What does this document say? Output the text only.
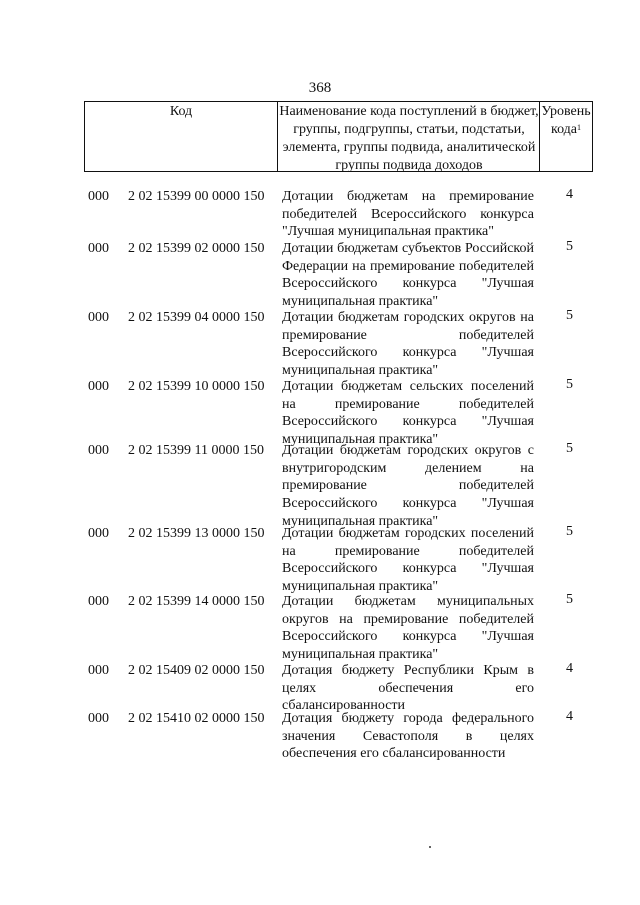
368
Код	Наименование кода поступлений в бюджет, группы, подгруппы, статьи, подстатьи, элемента, группы подвида, аналитической группы подвида доходов
Уровень кода$^1$
000 2 02 15399 00 0000 150 Дотации бюджетам на премирование победителей Всероссийского конкурса "Лучшая муниципальная практика"
4
000 2 02 15399 02 0000 150 Дотации бюджетам субъектов Российской Федерации на премирование победителей Всероссийского конкурса "Лучшая муниципальная практика"
5
000 2 02 15399 04 0000 150 Дотации бюджетам городских округов на премирование победителей Всероссийского конкурса "Лучшая муниципальная практика"
5
000 2 02 15399 10 0000 150 Дотации бюджетам сельских поселений на премирование победителей Всероссийского конкурса "Лучшая муниципальная практика"
5
000 2 02 15399 11 0000 150 Дотации бюджетам городских округов с внутригородским делением на премирование победителей Всероссийского конкурса "Лучшая муниципальная практика"
5
000 2 02 15399 13 0000 150 Дотации бюджетам городских поселений на премирование победителей Всероссийского конкурса "Лучшая муниципальная практика"
5
000 2 02 15399 14 0000 150 Дотации бюджетам муниципальных округов на премирование победителей Всероссийского конкурса "Лучшая муниципальная практика"
5
000 2 02 15409 02 0000 150 Дотация бюджету Республики Крым в целях обеспечения его сбалансированности
4
000 2 02 15410 02 0000 150 Дотация бюджету города федерального значения Севастополя в целях обеспечения его сбалансированности
4
